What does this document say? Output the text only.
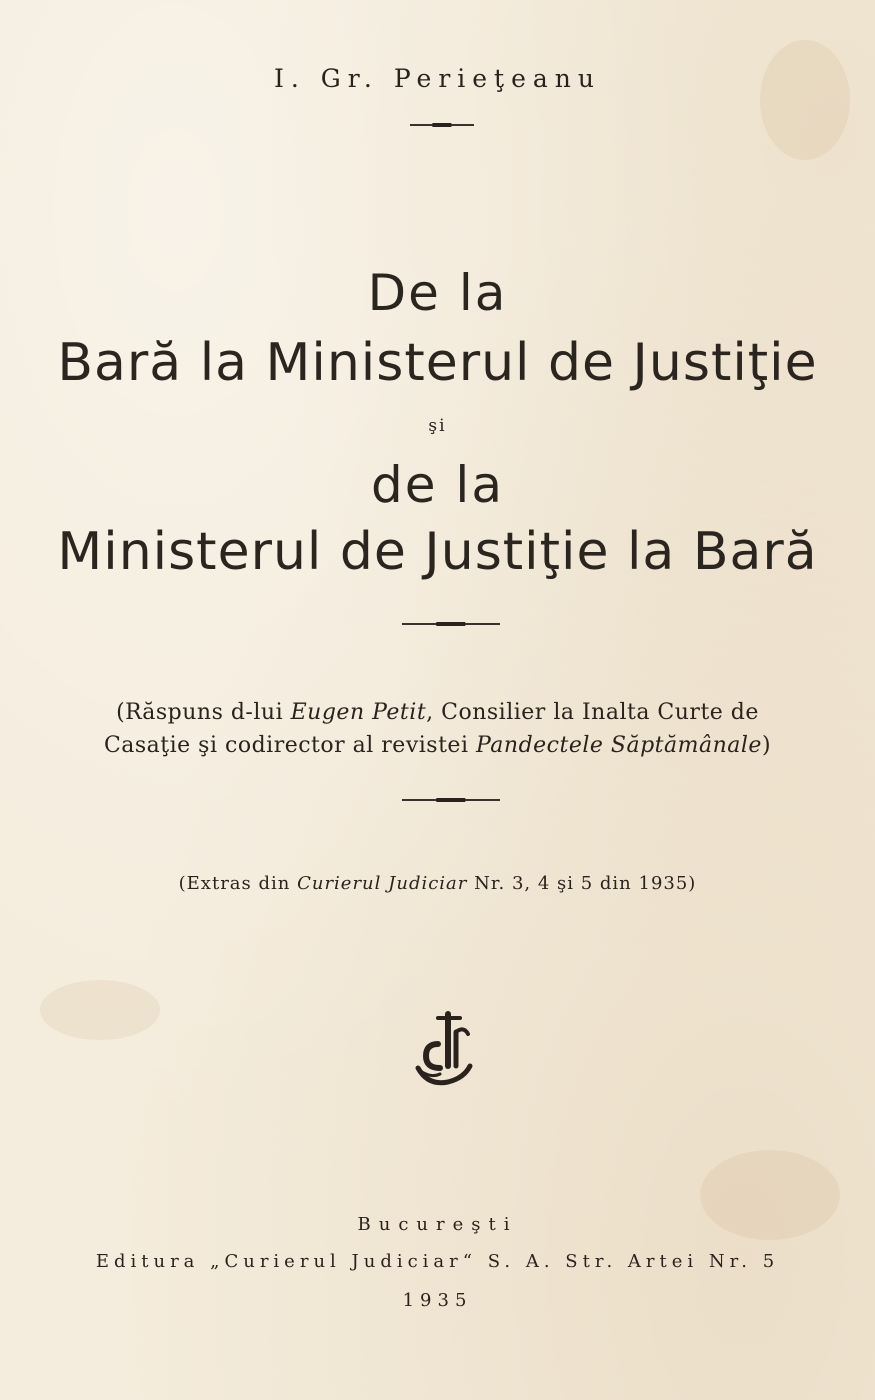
I. Gr. Perieţeanu
De la
Bară la Ministerul de Justiţie
şi
de la
Ministerul de Justiţie la Bară
(Răspuns d-lui Eugen Petit, Consilier la Inalta Curte de
Casaţie şi codirector al revistei Pandectele Săptămânale)
(Extras din Curierul Judiciar Nr. 3, 4 şi 5 din 1935)
Bucureşti
Editura „Curierul Judiciar“ S. A. Str. Artei Nr. 5
1935
